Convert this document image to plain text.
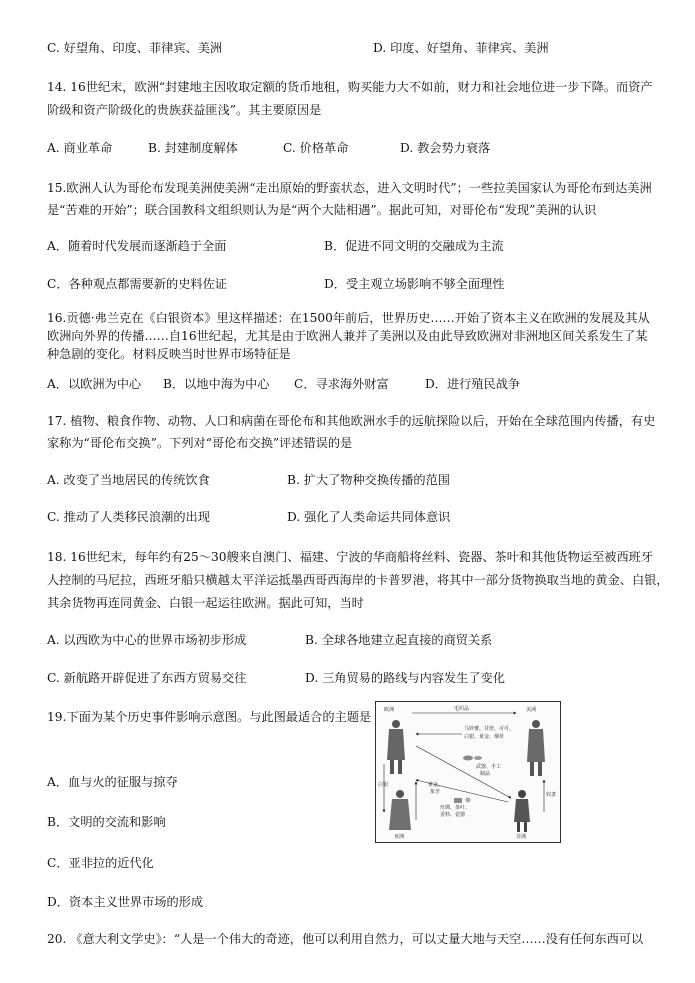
C. 好望角、印度、菲律宾、美洲	D. 印度、好望角、菲律宾、美洲
14. 16世纪末，欧洲“封建地主因收取定额的货币地租，购买能力大不如前，财力和社会地位进一步下降。而资产
阶级和资产阶级化的贵族获益匪浅”。其主要原因是
A. 商业革命	B. 封建制度解体	C. 价格革命	D. 教会势力衰落
15.欧洲人认为哥伦布发现美洲使美洲“走出原始的野蛮状态，进入文明时代”；一些拉美国家认为哥伦布到达美洲
是“苦难的开始”；联合国教科文组织则认为是“两个大陆相遇”。据此可知，对哥伦布“发现”美洲的认识
A．随着时代发展而逐渐趋于全面	B．促进不同文明的交融成为主流
C．各种观点都需要新的史料佐证	D．受主观立场影响不够全面理性
16.贡德·弗兰克在《白银资本》里这样描述：在1500年前后，世界历史……开始了资本主义在欧洲的发展及其从
欧洲向外界的传播……自16世纪起，尤其是由于欧洲人兼并了美洲以及由此导致欧洲对非洲地区间关系发生了某
种急剧的变化。材料反映当时世界市场特征是
A．以欧洲为中心 B．以地中海为中心 C．寻求海外财富	D．进行殖民战争
17. 植物、粮食作物、动物、人口和病菌在哥伦布和其他欧洲水手的远航探险以后，开始在全球范围内传播，有史
家称为“哥伦布交换”。下列对“哥伦布交换”评述错误的是
A. 改变了当地居民的传统饮食	B. 扩大了物种交换传播的范围
C. 推动了人类移民浪潮的出现	D. 强化了人类命运共同体意识
18. 16世纪末，每年约有25～30艘来自澳门、福建、宁波的华商船将丝料、瓷器、茶叶和其他货物运至被西班牙
人控制的马尼拉，西班牙船只横越太平洋运抵墨西哥西海岸的卡普罗港，将其中一部分货物换取当地的黄金、白银，
其余货物再连同黄金、白银一起运往欧洲。据此可知，当时
A. 以西欧为中心的世界市场初步形成	B. 全球各地建立起直接的商贸关系
C. 新航路开辟促进了东西方贸易交往	D. 三角贸易的路线与内容发生了变化
19.下面为某个历史事件影响示意图。与此图最适合的主题是
A．血与火的征服与掠夺
B．文明的交流和影响
C．亚非拉的近代化
D．资本主义世界市场的形成
欧洲	美洲
亚洲	非洲
毛织品
马铃薯、甘蔗、可可、
白银、黄金、烟草
武器、手工
制品
黄金、
象牙
丝绸、茶叶、
香料、瓷器
白银
奴隶
20. 《意大利文学史》：“人是一个伟大的奇迹，他可以利用自然力，可以丈量大地与天空……没有任何东西可以
